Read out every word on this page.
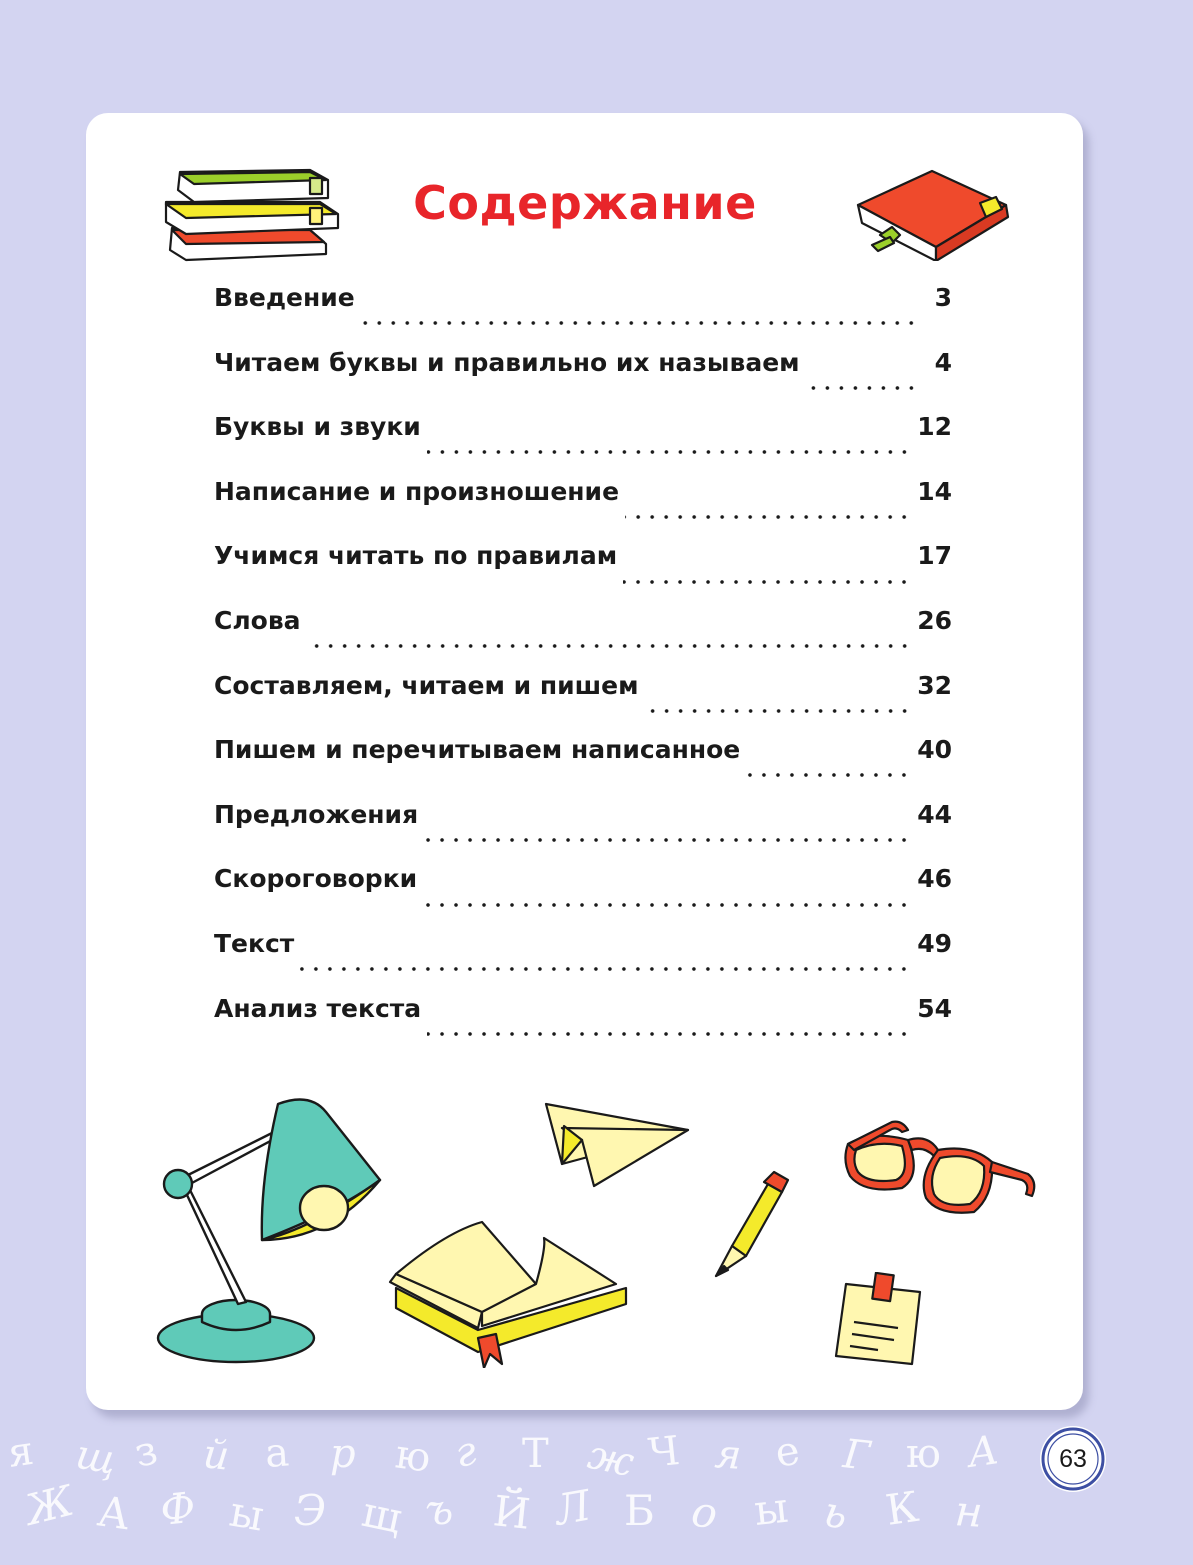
Содержание
Введение	3
Читаем буквы и правильно их называем	4
Буквы и звуки	12
Написание и произношение	14
Учимся читать по правилам	17
Слова	26
Составляем, читаем и пишем	32
Пишем и перечитываем написанное	40
Предложения	44
Скороговорки	46
Текст	49
Анализ текста	54
я щ з й а р ю г Т ж Ч я е Г ю А
Ж А Ф ы Э щ ъ Й Л Б о ы ь К н
63
